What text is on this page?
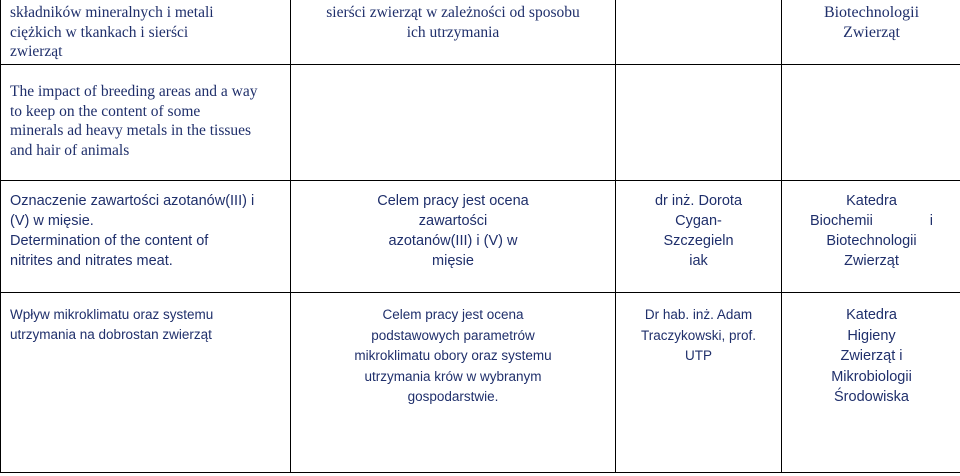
składników mineralnych i metali
ciężkich w tkankach i sierści
zwierząt	sierści zwierząt w zależności od sposobu
ich utrzymania		Biotechnologii
Zwierząt

The impact of breeding areas and a way
to keep on the content of some
minerals ad heavy metals in the tissues
and hair of animals			

Oznaczenie zawartości azotanów(III) i
(V) w mięsie.
Determination of the content of
nitrites and nitrates meat.	Celem pracy jest ocena
zawartości
azotanów(III) i (V) w
mięsie	dr inż. Dorota
Cygan-
Szczegieln
iak	Katedra
Biochemii i
Biotechnologii
Zwierząt

Wpływ mikroklimatu oraz systemu
utrzymania na dobrostan zwierząt	Celem pracy jest ocena
podstawowych parametrów
mikroklimatu obory oraz systemu
utrzymania krów w wybranym
gospodarstwie.	Dr hab. inż. Adam
Traczykowski, prof.
UTP	Katedra
Higieny
Zwierząt i
Mikrobiologii
Środowiska
